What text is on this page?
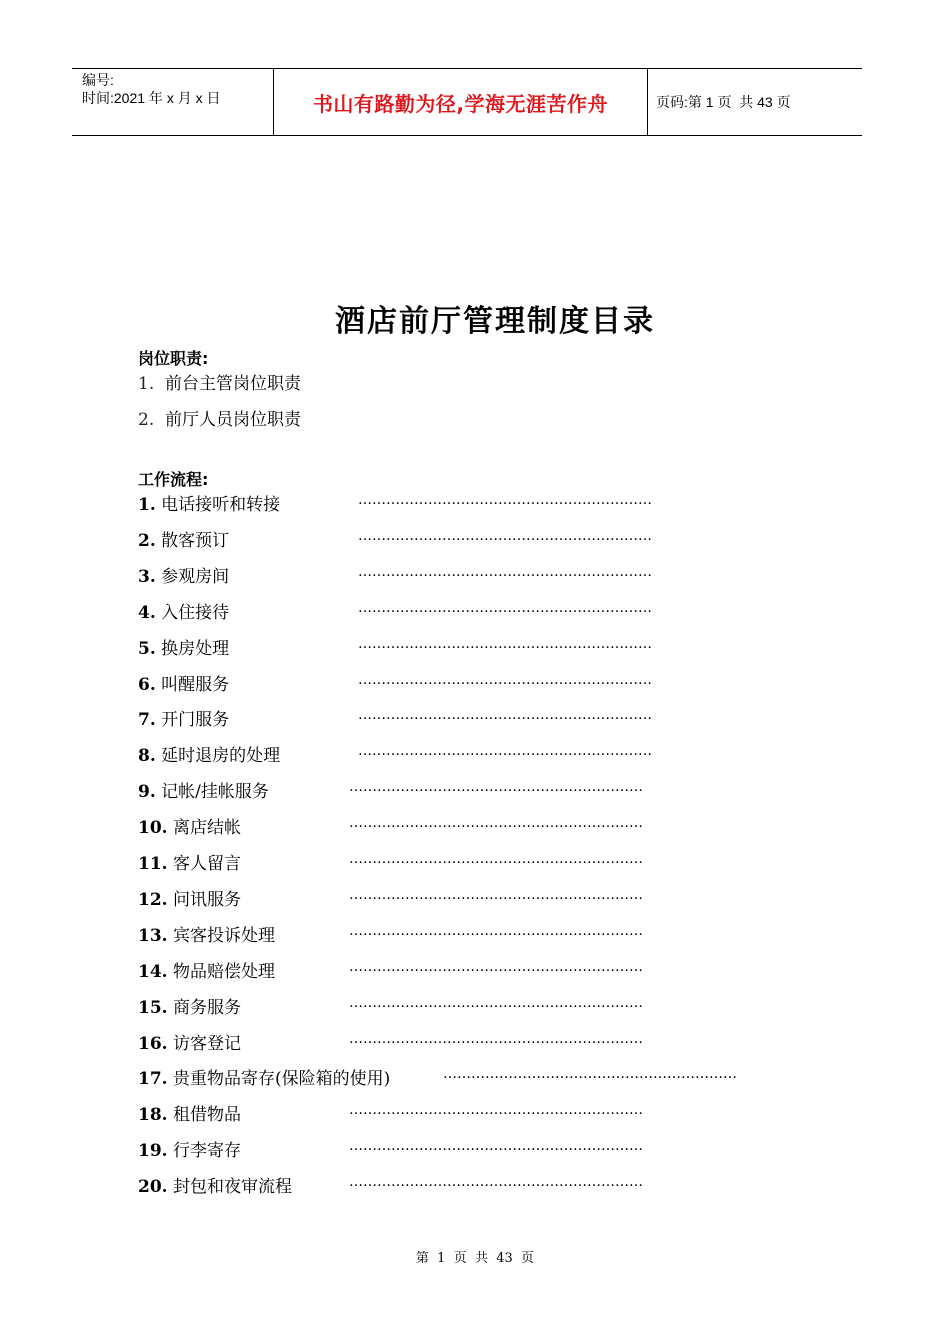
编号:
时间:2021 年 x 月 x 日	书山有路勤为径,学海无涯苦作舟	页码:第 1 页  共 43 页
酒店前厅管理制度目录
岗位职责:
1. 前台主管岗位职责
2. 前厅人员岗位职责
工作流程:
1. 电话接听和转接	………………………………………………………
2. 散客预订	………………………………………………………
3. 参观房间	………………………………………………………
4. 入住接待	………………………………………………………
5. 换房处理	………………………………………………………
6. 叫醒服务	………………………………………………………
7. 开门服务	………………………………………………………
8. 延时退房的处理	………………………………………………………
9. 记帐/挂帐服务	………………………………………………………
10. 离店结帐	………………………………………………………
11. 客人留言	………………………………………………………
12. 问讯服务	………………………………………………………
13. 宾客投诉处理	………………………………………………………
14. 物品赔偿处理	………………………………………………………
15. 商务服务	………………………………………………………
16. 访客登记	………………………………………………………
17. 贵重物品寄存(保险箱的使用)	………………………………………………………
18. 租借物品	………………………………………………………
19. 行李寄存	………………………………………………………
20. 封包和夜审流程	………………………………………………………
第  1  页  共  43  页
